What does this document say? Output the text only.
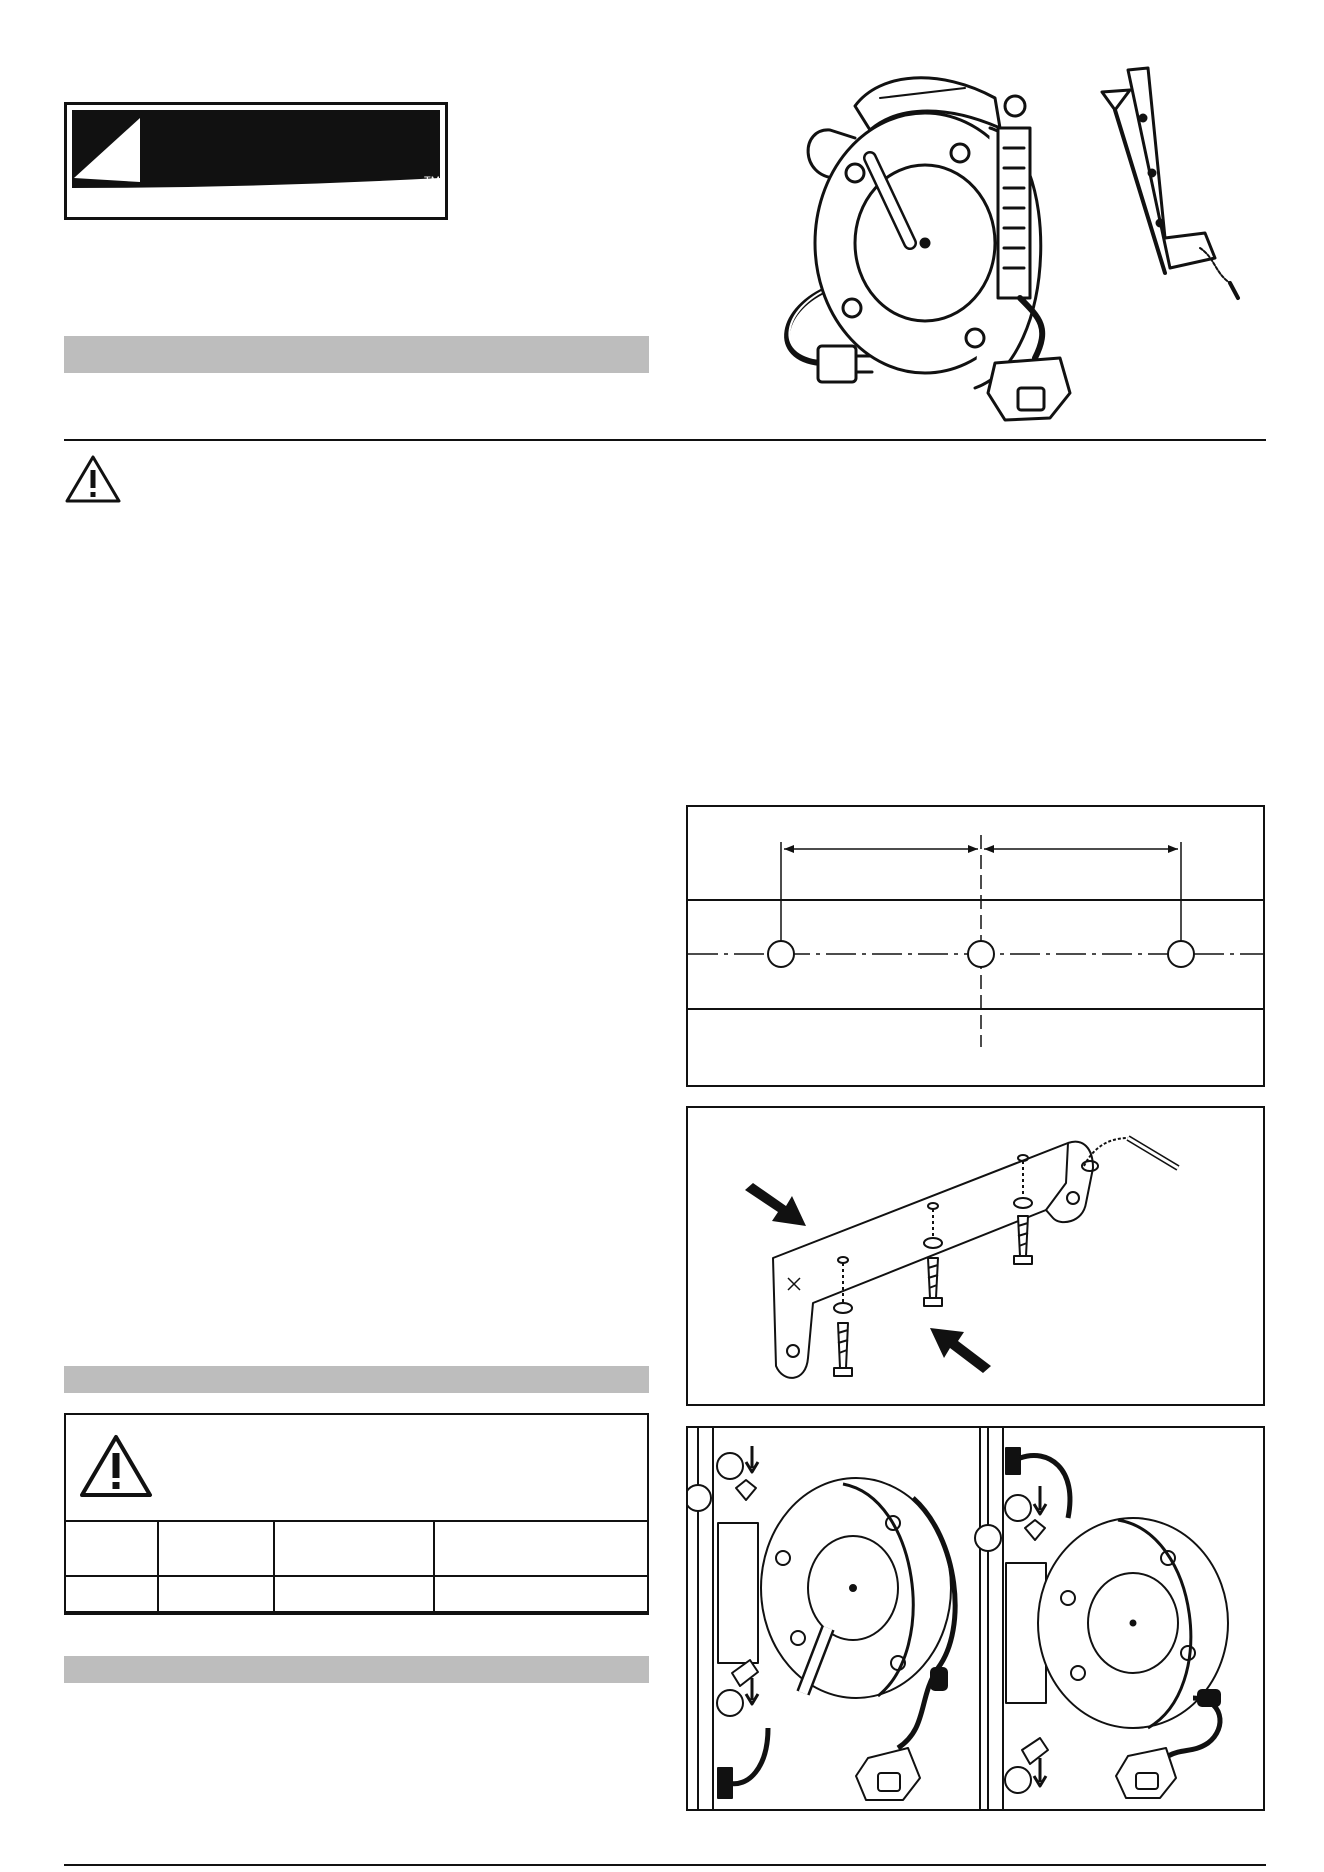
TM
